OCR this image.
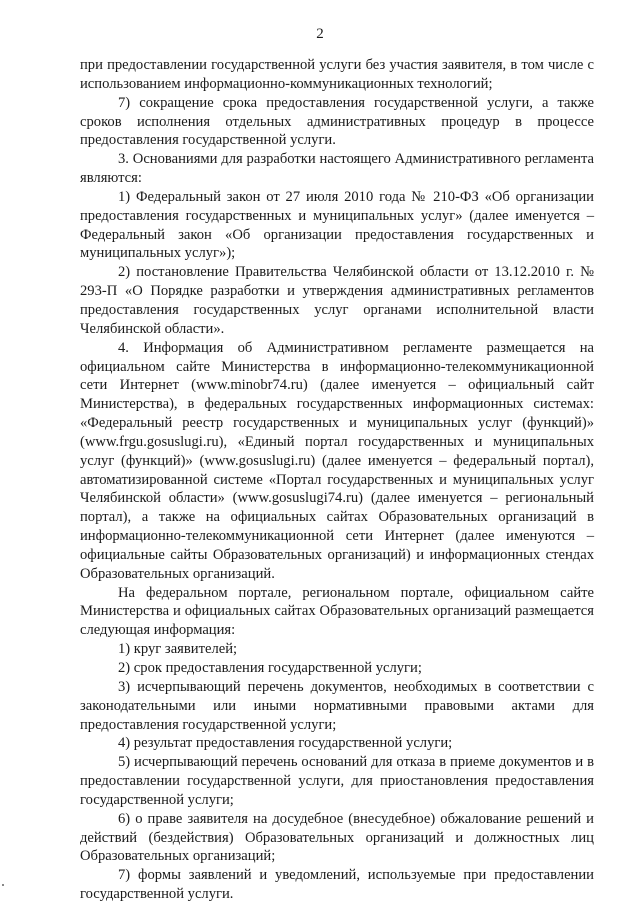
2

при предоставлении государственной услуги без участия заявителя, в том числе с использованием информационно-коммуникационных технологий;

7) сокращение срока предоставления государственной услуги, а также сроков исполнения отдельных административных процедур в процессе предоставления государственной услуги.

3. Основаниями для разработки настоящего Административного регламента являются:

1) Федеральный закон от 27 июля 2010 года № 210-ФЗ «Об организации предоставления государственных и муниципальных услуг» (далее именуется – Федеральный закон «Об организации предоставления государственных и муниципальных услуг»);

2) постановление Правительства Челябинской области от 13.12.2010 г. № 293-П «О Порядке разработки и утверждения административных регламентов предоставления государственных услуг органами исполнительной власти Челябинской области».

4. Информация об Административном регламенте размещается на официальном сайте Министерства в информационно-телекоммуникационной сети Интернет (www.minobr74.ru) (далее именуется – официальный сайт Министерства), в федеральных государственных информационных системах: «Федеральный реестр государственных и муниципальных услуг (функций)» (www.frgu.gosuslugi.ru), «Единый портал государственных и муниципальных услуг (функций)» (www.gosuslugi.ru) (далее именуется – федеральный портал), автоматизированной системе «Портал государственных и муниципальных услуг Челябинской области» (www.gosuslugi74.ru) (далее именуется – региональный портал), а также на официальных сайтах Образовательных организаций в информационно-телекоммуникационной сети Интернет (далее именуются – официальные сайты Образовательных организаций) и информационных стендах Образовательных организаций.

На федеральном портале, региональном портале, официальном сайте Министерства и официальных сайтах Образовательных организаций размещается следующая информация:

1) круг заявителей;

2) срок предоставления государственной услуги;

3) исчерпывающий перечень документов, необходимых в соответствии с законодательными или иными нормативными правовыми актами для предоставления государственной услуги;

4) результат предоставления государственной услуги;

5) исчерпывающий перечень оснований для отказа в приеме документов и в предоставлении государственной услуги, для приостановления предоставления государственной услуги;

6) о праве заявителя на досудебное (внесудебное) обжалование решений и действий (бездействия) Образовательных организаций и должностных лиц Образовательных организаций;

7) формы заявлений и уведомлений, используемые при предоставлении государственной услуги.
